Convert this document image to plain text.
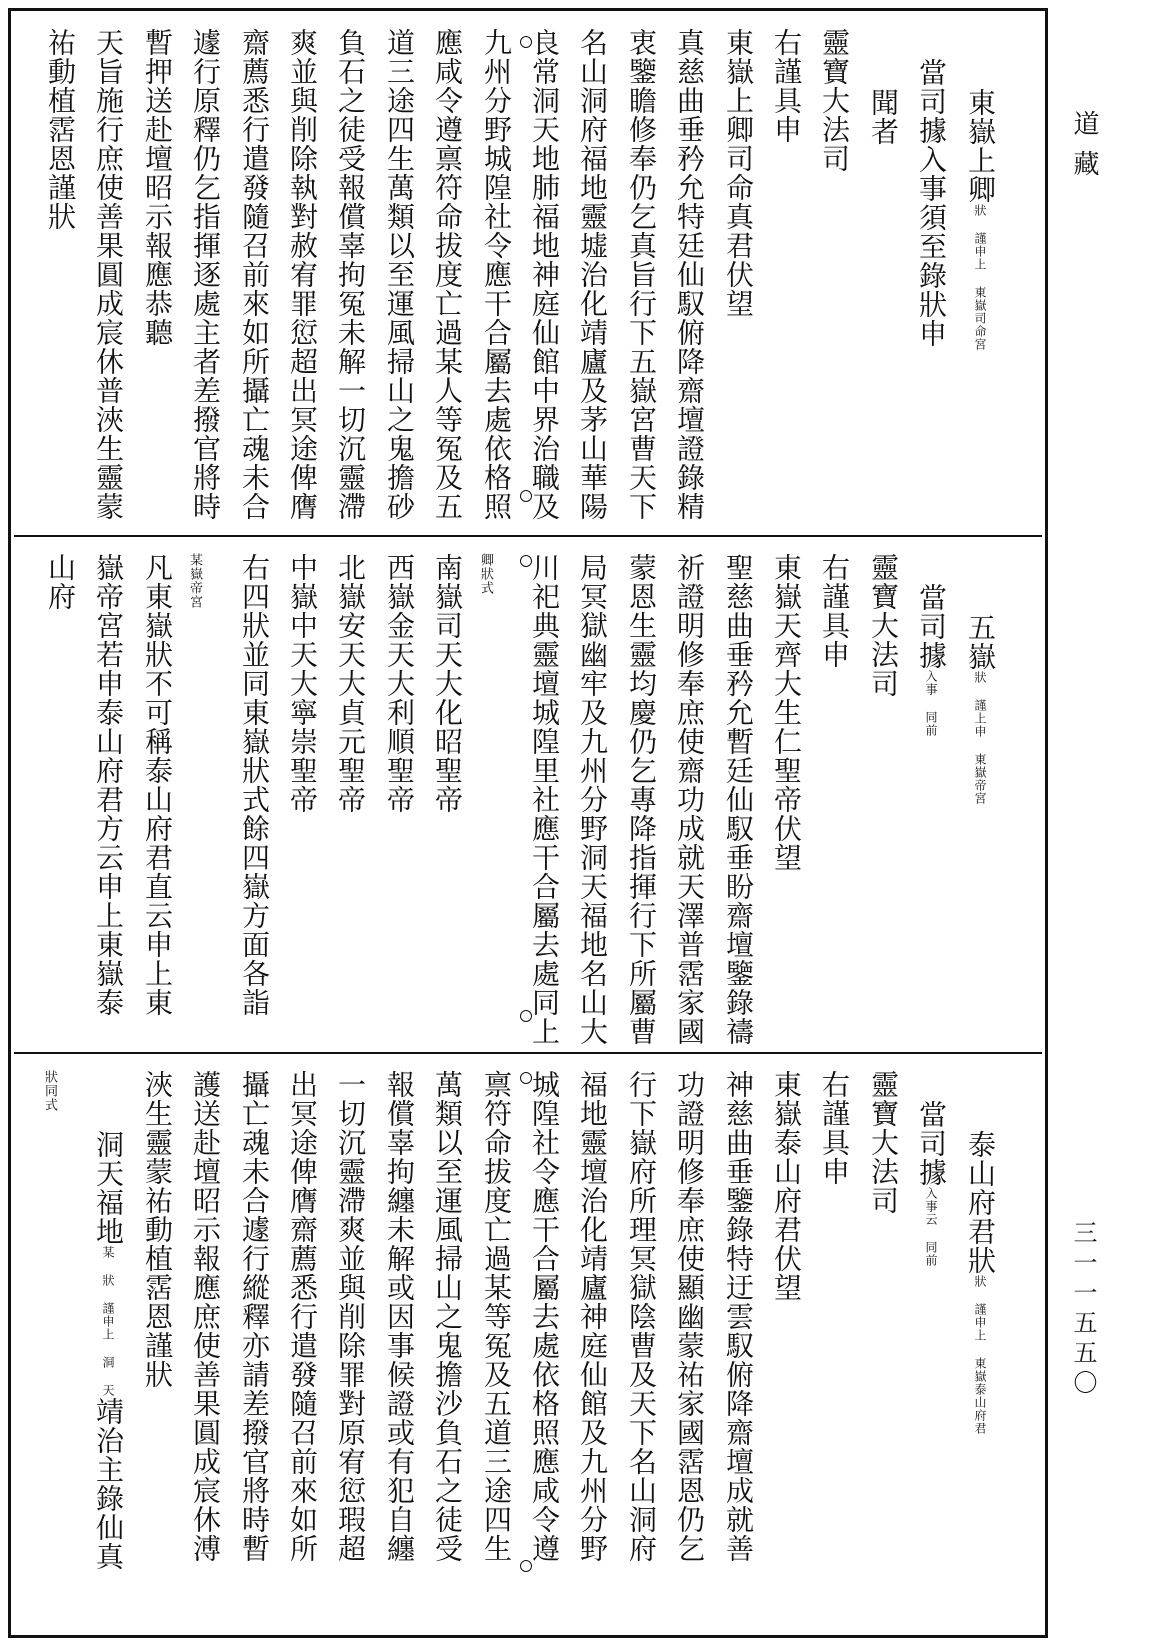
東嶽上卿狀 謹申上 東嶽司命宮
當司據入事須至錄狀申
聞者
靈寶大法司
右謹具申
東嶽上卿司命真君伏望
真慈曲垂矜允特廷仙馭俯降齋壇證錄精
衷鑒瞻修奉仍乞真旨行下五嶽宮曹天下
名山洞府福地靈墟治化靖廬及茅山華陽
良常洞天地肺福地神庭仙館中界治職及
九州分野城隍社令應干合屬去處依格照
應咸令遵禀符命拔度亡過某人等冤及五
道三途四生萬類以至運風掃山之鬼擔砂
負石之徒受報償辜拘冤未解一切沉靈滯
爽並與削除執對赦宥罪愆超出冥途俾膺
齋薦悉行遣發隨召前來如所攝亡魂未合
遽行原釋仍乞指揮逐處主者差撥官將時
暫押送赴壇昭示報應恭聽
天旨施行庶使善果圓成宸休普浹生靈蒙
祐動植霑恩謹狀
五嶽狀 謹上申 東嶽帝宮
當司據入事 同前
靈寶大法司
右謹具申
東嶽天齊大生仁聖帝伏望
聖慈曲垂矜允暫廷仙馭垂盼齋壇鑒錄禱
祈證明修奉庶使齋功成就天澤普霑家國
蒙恩生靈均慶仍乞專降指揮行下所屬曹
局冥獄幽牢及九州分野洞天福地名山大
川祀典靈壇城隍里社應干合屬去處同上
卿狀式
南嶽司天大化昭聖帝
西嶽金天大利順聖帝
北嶽安天大貞元聖帝
中嶽中天大寧崇聖帝
右四狀並同東嶽狀式餘四嶽方面各詣
某嶽帝宮
凡東嶽狀不可稱泰山府君直云申上東
嶽帝宮若申泰山府君方云申上東嶽泰
山府
泰山府君狀狀 謹申上 東嶽泰山府君
當司據入事云 同前
靈寶大法司
右謹具申
東嶽泰山府君伏望
神慈曲垂鑒錄特迂雲馭俯降齋壇成就善
功證明修奉庶使顯幽蒙祐家國霑恩仍乞
行下嶽府所理冥獄陰曹及天下名山洞府
福地靈壇治化靖廬神庭仙館及九州分野
城隍社令應干合屬去處依格照應咸令遵
禀符命拔度亡過某等冤及五道三途四生
萬類以至運風掃山之鬼擔沙負石之徒受
報償辜拘纏未解或因事候證或有犯自纏
一切沉靈滯爽並與削除罪對原宥愆瑕超
出冥途俾膺齋薦悉行遣發隨召前來如所
攝亡魂未合遽行縱釋亦請差撥官將時暫
護送赴壇昭示報應庶使善果圓成宸休溥
浹生靈蒙祐動植霑恩謹狀
洞天福地某 狀 謹申上 洞 天靖治主錄仙真
狀同式
道藏
三一一五五〇
